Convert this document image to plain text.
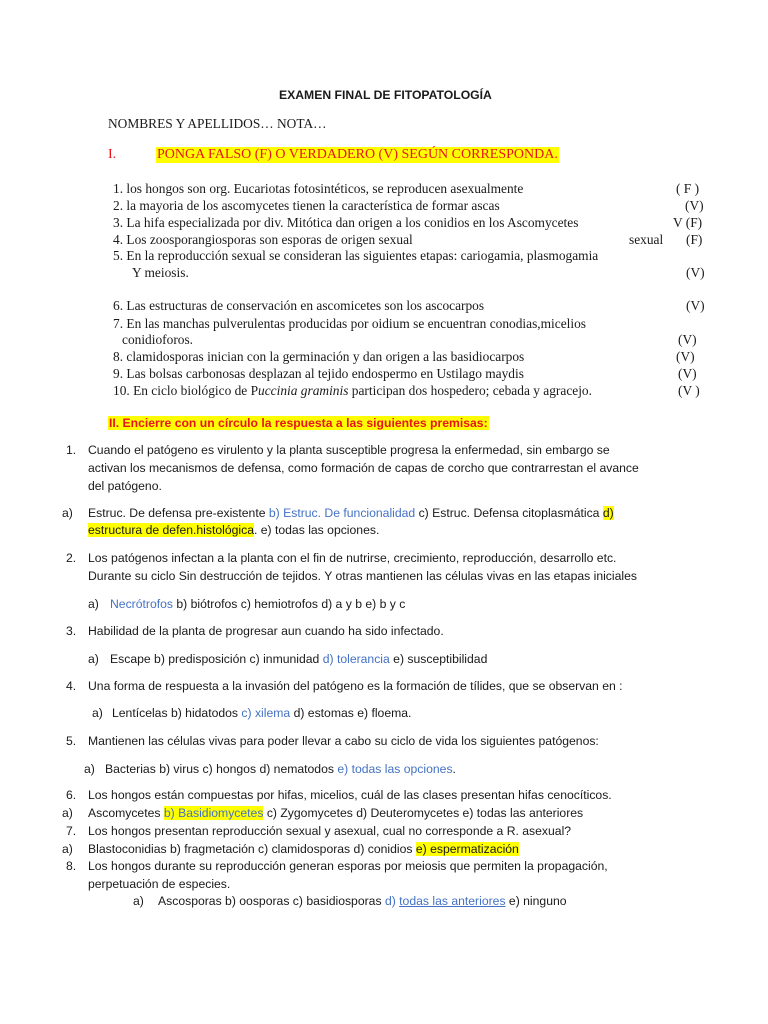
EXAMEN FINAL DE FITOPATOLOGÍA
NOMBRES Y APELLIDOS… NOTA…
I.	PONGA FALSO (F) O VERDADERO (V) SEGÚN CORRESPONDA.
1. los hongos son org. Eucariotas fotosintéticos, se reproducen asexualmente	( F )
2. la mayoria de los ascomycetes tienen la característica de formar ascas	(V)
3. La hifa especializada por div. Mitótica dan origen a los conidios en los Ascomycetes	V (F)
4. Los zoosporangiosporas son esporas de origen sexual	sexual (F)
5. En la reproducción sexual se consideran las siguientes etapas: cariogamia, plasmogamia
Y meiosis.	(V)
6. Las estructuras de conservación en ascomicetes son los ascocarpos	(V)
7. En las manchas pulverulentas producidas por oidium se encuentran conodias,micelios
conidioforos.	(V)
8. clamidosporas inician con la germinación y dan origen a las basidiocarpos	(V)
9. Las bolsas carbonosas desplazan al tejido endospermo en Ustilago maydis	(V)
10. En ciclo biológico de Puccinia graminis participan dos hospedero; cebada y agracejo.	(V )
II. Encierre con un círculo la respuesta a las siguientes premisas:
1. Cuando el patógeno es virulento y la planta susceptible progresa la enfermedad, sin embargo se
activan los mecanismos de defensa, como formación de capas de corcho que contrarrestan el avance
del patógeno.
a) Estruc. De defensa pre-existente b) Estruc. De funcionalidad c) Estruc. Defensa citoplasmática d)
estructura de defen.histológica. e) todas las opciones.
2. Los patógenos infectan a la planta con el fin de nutrirse, crecimiento, reproducción, desarrollo etc.
Durante su ciclo Sin destrucción de tejidos. Y otras mantienen las células vivas en las etapas iniciales
a) Necrótrofos b) biótrofos c) hemiotrofos d) a y b e) b y c
3. Habilidad de la planta de progresar aun cuando ha sido infectado.
a) Escape b) predisposición c) inmunidad d) tolerancia e) susceptibilidad
4. Una forma de respuesta a la invasión del patógeno es la formación de tílides, que se observan en :
a) Lentícelas b) hidatodos c) xilema d) estomas e) floema.
5. Mantienen las células vivas para poder llevar a cabo su ciclo de vida los siguientes patógenos:
a) Bacterias b) virus c) hongos d) nematodos e) todas las opciones.
6. Los hongos están compuestas por hifas, micelios, cuál de las clases presentan hifas cenocíticos.
a) Ascomycetes b) Basidiomycetes c) Zygomycetes d) Deuteromycetes e) todas las anteriores
7. Los hongos presentan reproducción sexual y asexual, cual no corresponde a R. asexual?
a) Blastoconidias b) fragmetación c) clamidosporas d) conidios e) espermatización
8. Los hongos durante su reproducción generan esporas por meiosis que permiten la propagación,
perpetuación de especies.
a) Ascosporas b) oosporas c) basidiosporas d) todas las anteriores e) ninguno
